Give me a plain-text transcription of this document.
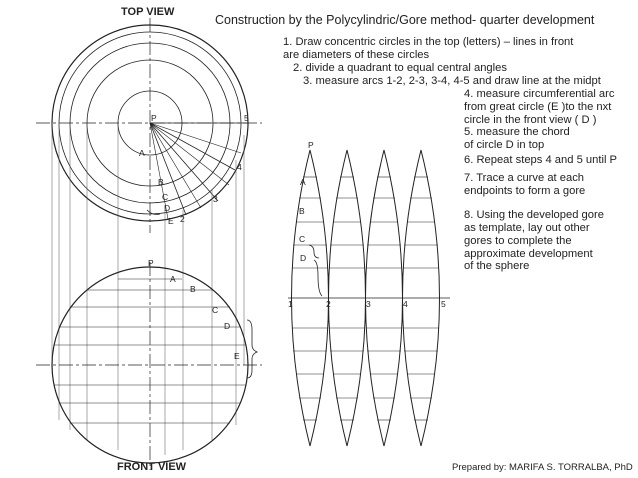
TOP VIEW
FRONT VIEW
Construction by the Polycylindric/Gore method- quarter development
1. Draw concentric circles in the top (letters) – lines in front
are diameters of these circles
2. divide a quadrant to equal central angles
3. measure arcs 1-2, 2-3, 3-4, 4-5 and draw line at the midpt
4. measure circumferential arc
from great circle (E )to the nxt
circle in the front view ( D )
5. measure the chord
of circle D in top
6. Repeat steps 4 and 5 until P
7. Trace a curve at each
endpoints to form a gore
8. Using the developed gore
as template, lay out other
gores to complete the
approximate development
of the sphere
Prepared by: MARIFA S. TORRALBA, PhD
P
A
B
C
D
E 2
3
4
5
P
A
B
C
D
E
P
A
B
C
D
1	2	3	4	5
